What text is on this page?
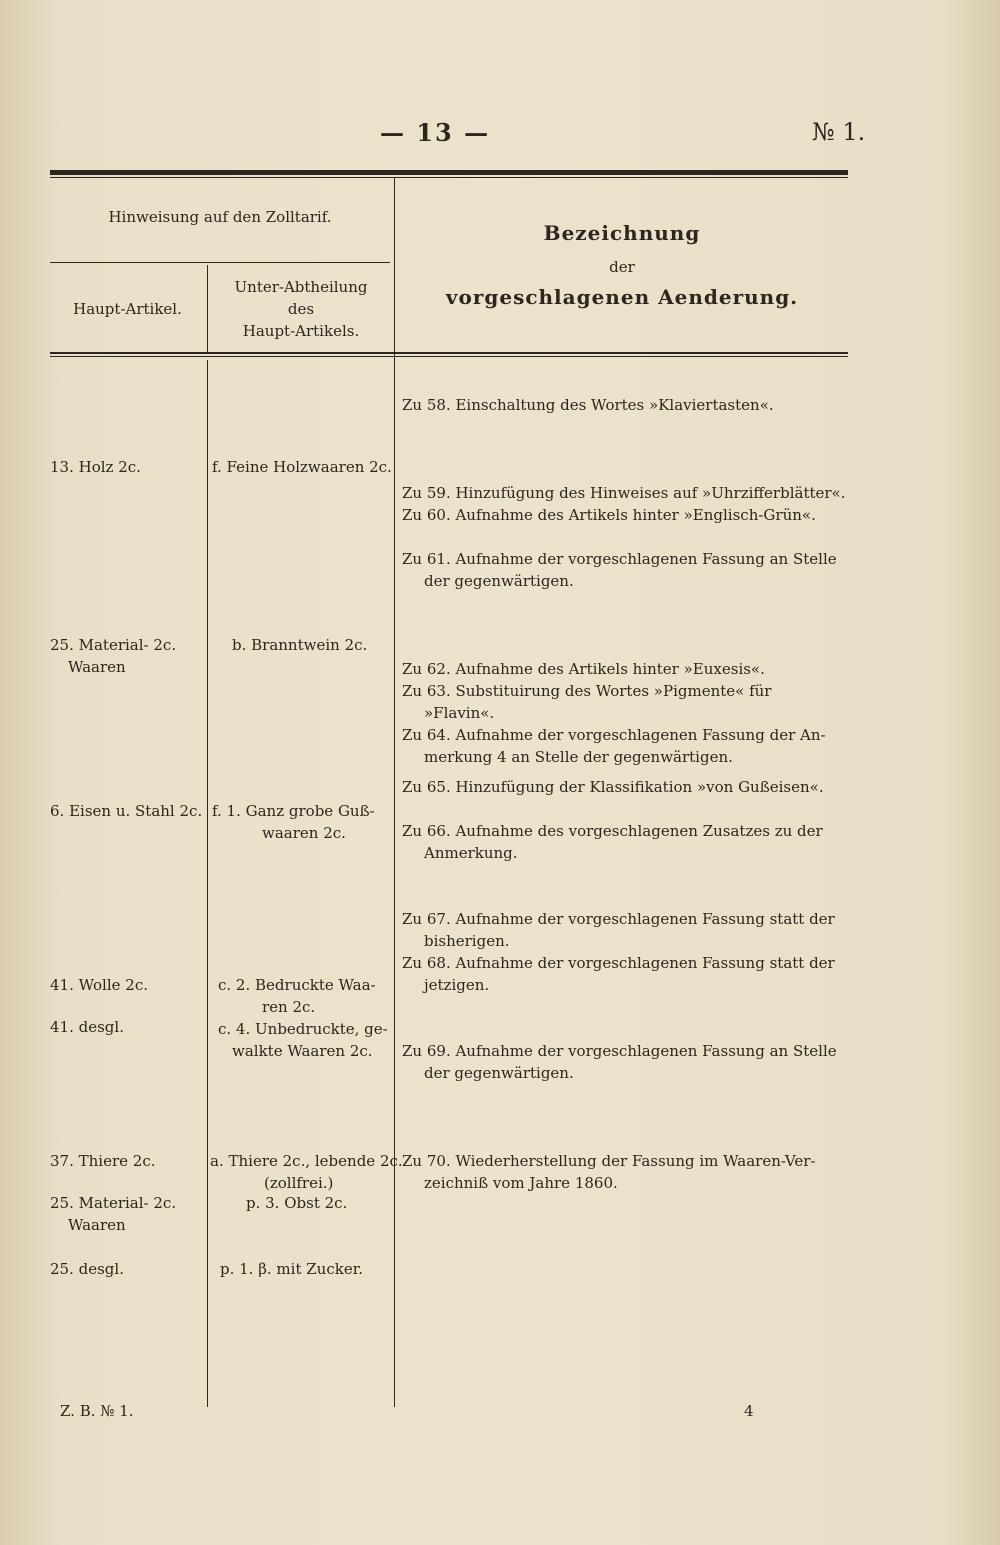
— 13 —	№ 1.
Hinweisung auf den Zolltarif.
Haupt-Artikel.
Unter-Abtheilung
des
Haupt-Artikels.
Bezeichnung
der
vorgeschlagenen Aenderung.
13. Holz 2c.
25. Material- 2c.
Waaren
6. Eisen u. Stahl 2c.
41. Wolle 2c.
41. desgl.
37. Thiere 2c.
25. Material- 2c.
Waaren
25. desgl.
f. Feine Holzwaaren 2c.
b. Branntwein 2c.
f. 1. Ganz grobe Guß-
waaren 2c.
c. 2. Bedruckte Waa-
ren 2c.
c. 4. Unbedruckte, ge-
walkte Waaren 2c.
a. Thiere 2c., lebende 2c.
(zollfrei.)
p. 3. Obst 2c.
p. 1. β. mit Zucker.
Zu 58. Einschaltung des Wortes »Klaviertasten«.
Zu 59. Hinzufügung des Hinweises auf »Uhrzifferblätter«.
Zu 60. Aufnahme des Artikels hinter »Englisch-Grün«.
Zu 61. Aufnahme der vorgeschlagenen Fassung an Stelle
der gegenwärtigen.
Zu 62. Aufnahme des Artikels hinter »Euxesis«.
Zu 63. Substituirung des Wortes »Pigmente« für
»Flavin«.
Zu 64. Aufnahme der vorgeschlagenen Fassung der An-
merkung 4 an Stelle der gegenwärtigen.
Zu 65. Hinzufügung der Klassifikation »von Gußeisen«.
Zu 66. Aufnahme des vorgeschlagenen Zusatzes zu der
Anmerkung.
Zu 67. Aufnahme der vorgeschlagenen Fassung statt der
bisherigen.
Zu 68. Aufnahme der vorgeschlagenen Fassung statt der
jetzigen.
Zu 69. Aufnahme der vorgeschlagenen Fassung an Stelle
der gegenwärtigen.
Zu 70. Wiederherstellung der Fassung im Waaren-Ver-
zeichniß vom Jahre 1860.
Z. B. № 1.	4
